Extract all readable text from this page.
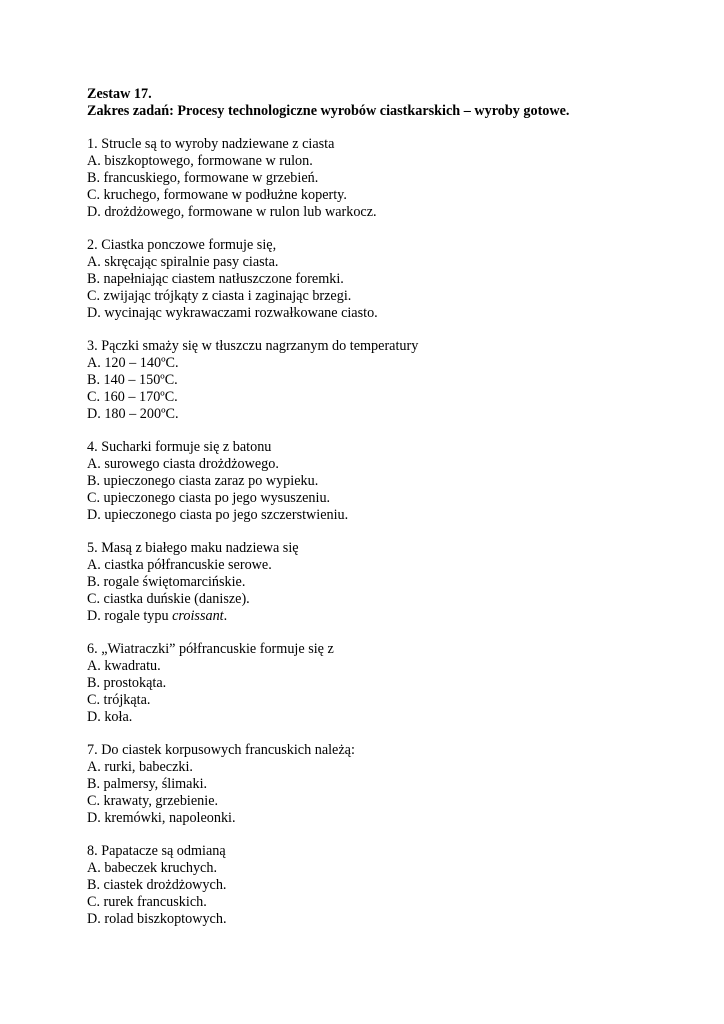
Zestaw 17.
Zakres zadań: Procesy technologiczne wyrobów ciastkarskich – wyroby gotowe.
1. Strucle są to wyroby nadziewane z ciasta
A. biszkoptowego, formowane w rulon.
B. francuskiego, formowane w grzebień.
C. kruchego, formowane w podłużne koperty.
D. drożdżowego, formowane w rulon lub warkocz.
2. Ciastka ponczowe formuje się,
A. skręcając spiralnie pasy ciasta.
B. napełniając ciastem natłuszczone foremki.
C. zwijając trójkąty z ciasta i zaginając brzegi.
D. wycinając wykrawaczami rozwałkowane ciasto.
3. Pączki smaży się w tłuszczu nagrzanym do temperatury
A. 120 – 140ºC.
B. 140 – 150ºC.
C. 160 – 170ºC.
D. 180 – 200ºC.
4. Sucharki formuje się z batonu
A. surowego ciasta drożdżowego.
B. upieczonego ciasta zaraz po wypieku.
C. upieczonego ciasta po jego wysuszeniu.
D. upieczonego ciasta po jego szczerstwieniu.
5. Masą z białego maku nadziewa się
A. ciastka półfrancuskie serowe.
B. rogale świętomarcińskie.
C. ciastka duńskie (danisze).
D. rogale typu croissant.
6. „Wiatraczki” półfrancuskie formuje się z
A. kwadratu.
B. prostokąta.
C. trójkąta.
D. koła.
7. Do ciastek korpusowych francuskich należą:
A. rurki, babeczki.
B. palmersy, ślimaki.
C. krawaty, grzebienie.
D. kremówki, napoleonki.
8. Papatacze są odmianą
A. babeczek kruchych.
B. ciastek drożdżowych.
C. rurek francuskich.
D. rolad biszkoptowych.
